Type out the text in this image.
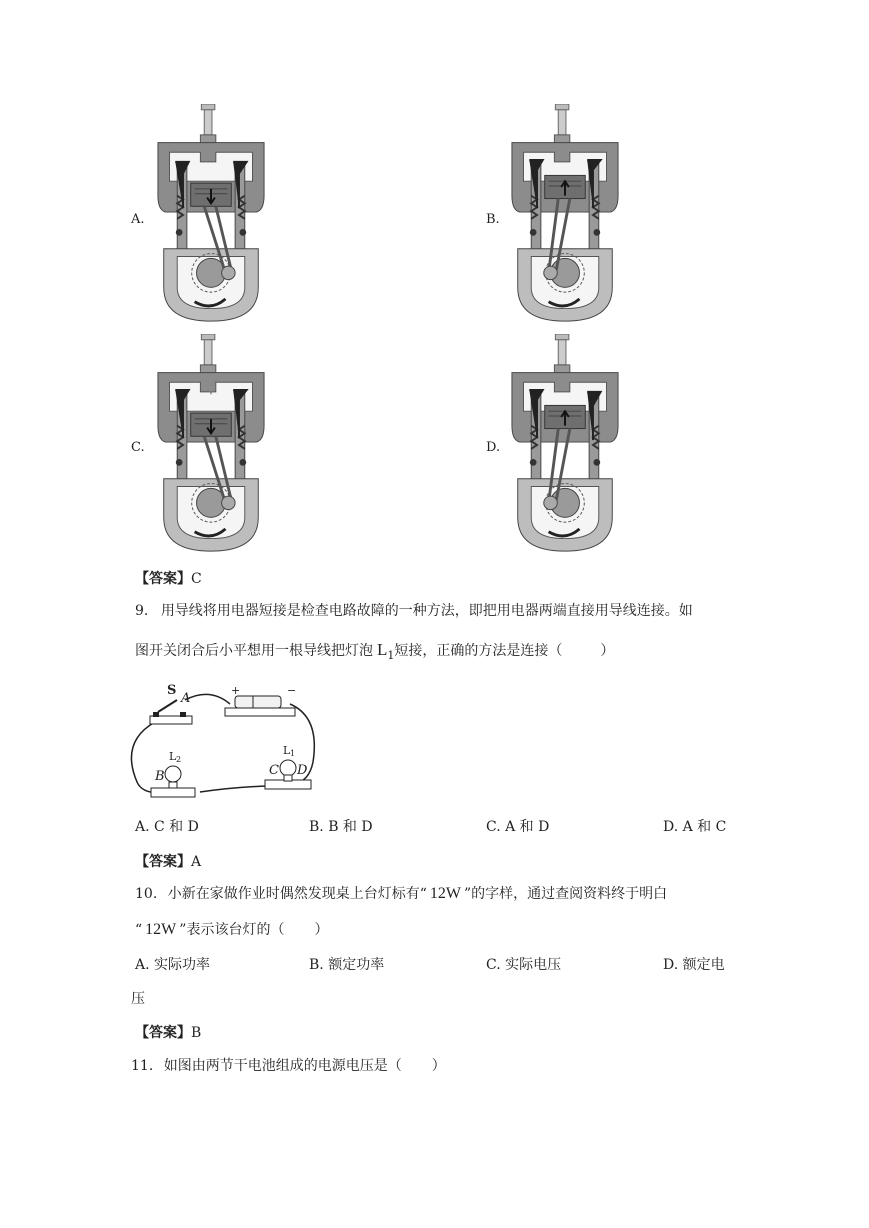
A.	B.
C.	D.
【答案】C
9. 用导线将用电器短接是检查电路故障的一种方法，即把用电器两端直接用导线连接。如
图开关闭合后小平想用一根导线把灯泡 $L_1$短接，正确的方法是连接（	）
S
A
+	−
L 2
B
L 1
C D
A. C 和 D	B. B 和 D	C. A 和 D	D. A 和 C
【答案】A
10. 小新在家做作业时偶然发现桌上台灯标有“ 12W ”的字样，通过查阅资料终于明白
“ 12W ”表示该台灯的（ ）
A. 实际功率	B. 额定功率	C. 实际电压	D. 额定电
压
【答案】B
11. 如图由两节干电池组成的电源电压是（ ）
